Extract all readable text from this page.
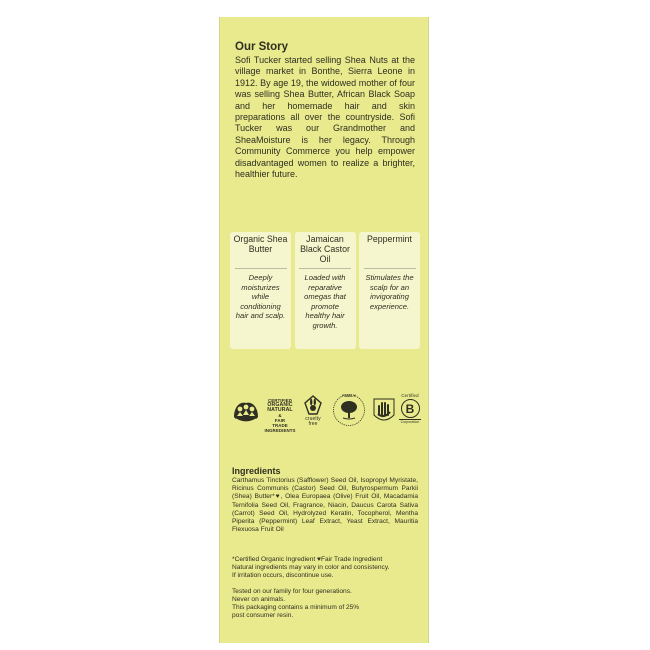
Our Story

Sofi Tucker started selling Shea Nuts at the village market in Bonthe, Sierra Leone in 1912. By age 19, the widowed mother of four was selling Shea Butter, African Black Soap and her homemade hair and skin preparations all over the countryside. Sofi Tucker was our Grandmother and SheaMoisture is her legacy. Through Community Commerce you help empower disadvantaged women to realize a brighter, healthier future.

Organic Shea Butter
Deeply moisturizes while conditioning hair and scalp.
Jamaican Black Castor Oil
Loaded with reparative omegas that promote healthy hair growth.
Peppermint
Stimulates the scalp for an invigorating experience.
CERTIFIED
ORGANIC
NATURAL
&
FAIR TRADE
INGREDIENTS
cruelty free
FAMILY	Certified
B
Corporation
Ingredients

Carthamus Tinctorius (Safflower) Seed Oil, Isopropyl Myristate, Ricinus Communis (Castor) Seed Oil, Butyrospermum Parkii (Shea) Butter*♥, Olea Europaea (Olive) Fruit Oil, Macadamia Ternifolia Seed Oil, Fragrance, Niacin, Daucus Carota Sativa (Carrot) Seed Oil, Hydrolyzed Keratin, Tocopherol, Mentha Piperita (Peppermint) Leaf Extract, Yeast Extract, Mauritia Flexuosa Fruit Oil

*Certified Organic Ingredient ♥Fair Trade Ingredient
Natural ingredients may vary in color and consistency.
If irritation occurs, discontinue use.
Tested on our family for four generations.
Never on animals.
This packaging contains a minimum of 25%
post consumer resin.
